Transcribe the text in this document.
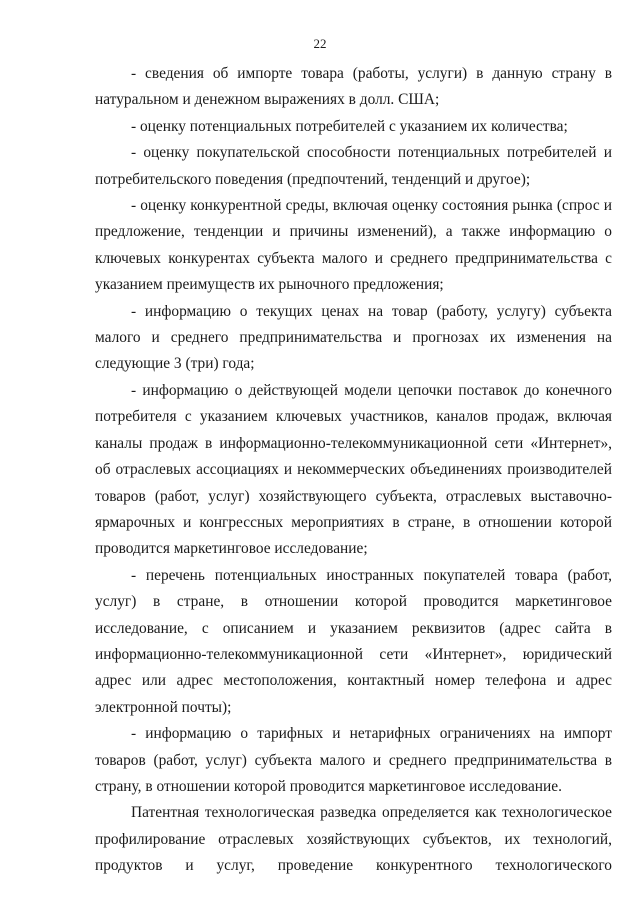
22

- сведения об импорте товара (работы, услуги) в данную страну в натуральном и денежном выражениях в долл. США;

- оценку потенциальных потребителей с указанием их количества;

- оценку покупательской способности потенциальных потребителей и потребительского поведения (предпочтений, тенденций и другое);

- оценку конкурентной среды, включая оценку состояния рынка (спрос и предложение, тенденции и причины изменений), а также информацию о ключевых конкурентах субъекта малого и среднего предпринимательства с указанием преимуществ их рыночного предложения;

- информацию о текущих ценах на товар (работу, услугу) субъекта малого и среднего предпринимательства и прогнозах их изменения на следующие 3 (три) года;

- информацию о действующей модели цепочки поставок до конечного потребителя с указанием ключевых участников, каналов продаж, включая каналы продаж в информационно-телекоммуникационной сети «Интернет», об отраслевых ассоциациях и некоммерческих объединениях производителей товаров (работ, услуг) хозяйствующего субъекта, отраслевых выставочно-ярмарочных и конгрессных мероприятиях в стране, в отношении которой проводится маркетинговое исследование;

- перечень потенциальных иностранных покупателей товара (работ, услуг) в стране, в отношении которой проводится маркетинговое исследование, с описанием и указанием реквизитов (адрес сайта в информационно-телекоммуникационной сети «Интернет», юридический адрес или адрес местоположения, контактный номер телефона и адрес электронной почты);

- информацию о тарифных и нетарифных ограничениях на импорт товаров (работ, услуг) субъекта малого и среднего предпринимательства в страну, в отношении которой проводится маркетинговое исследование.

Патентная технологическая разведка определяется как технологическое профилирование отраслевых хозяйствующих субъектов, их технологий, продуктов и услуг, проведение конкурентного технологического
